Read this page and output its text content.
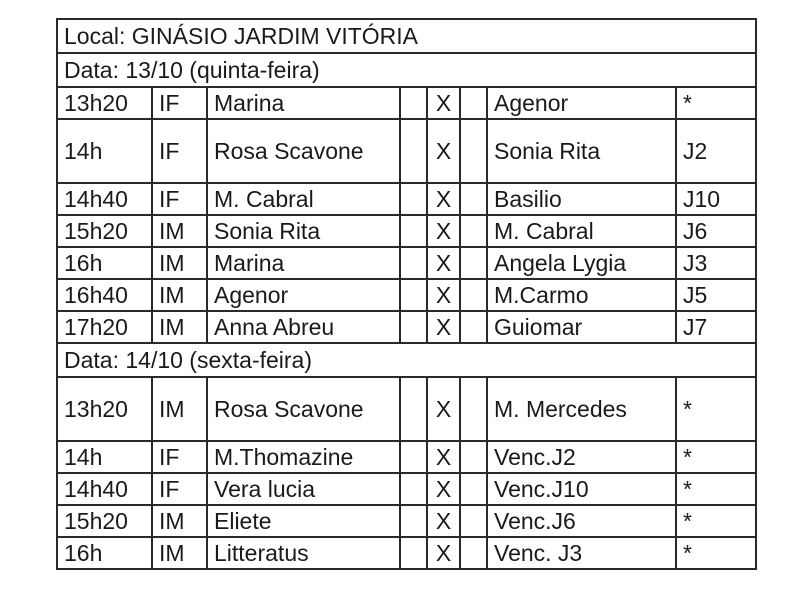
Local: GINÁSIO JARDIM VITÓRIA							
Data: 13/10 (quinta-feira)							
13h20	IF	Marina		X		Agenor	*
14h	IF	Rosa Scavone		X		Sonia Rita	J2
14h40	IF	M. Cabral		X		Basilio	J10
15h20	IM	Sonia Rita		X		M. Cabral	J6
16h	IM	Marina		X		Angela Lygia	J3
16h40	IM	Agenor		X		M.Carmo	J5
17h20	IM	Anna Abreu		X		Guiomar	J7
Data: 14/10 (sexta-feira)							
13h20	IM	Rosa Scavone		X		M. Mercedes	*
14h	IF	M.Thomazine		X		Venc.J2	*
14h40	IF	Vera lucia		X		Venc.J10	*
15h20	IM	Eliete		X		Venc.J6	*
16h	IM	Litteratus		X		Venc. J3	*
